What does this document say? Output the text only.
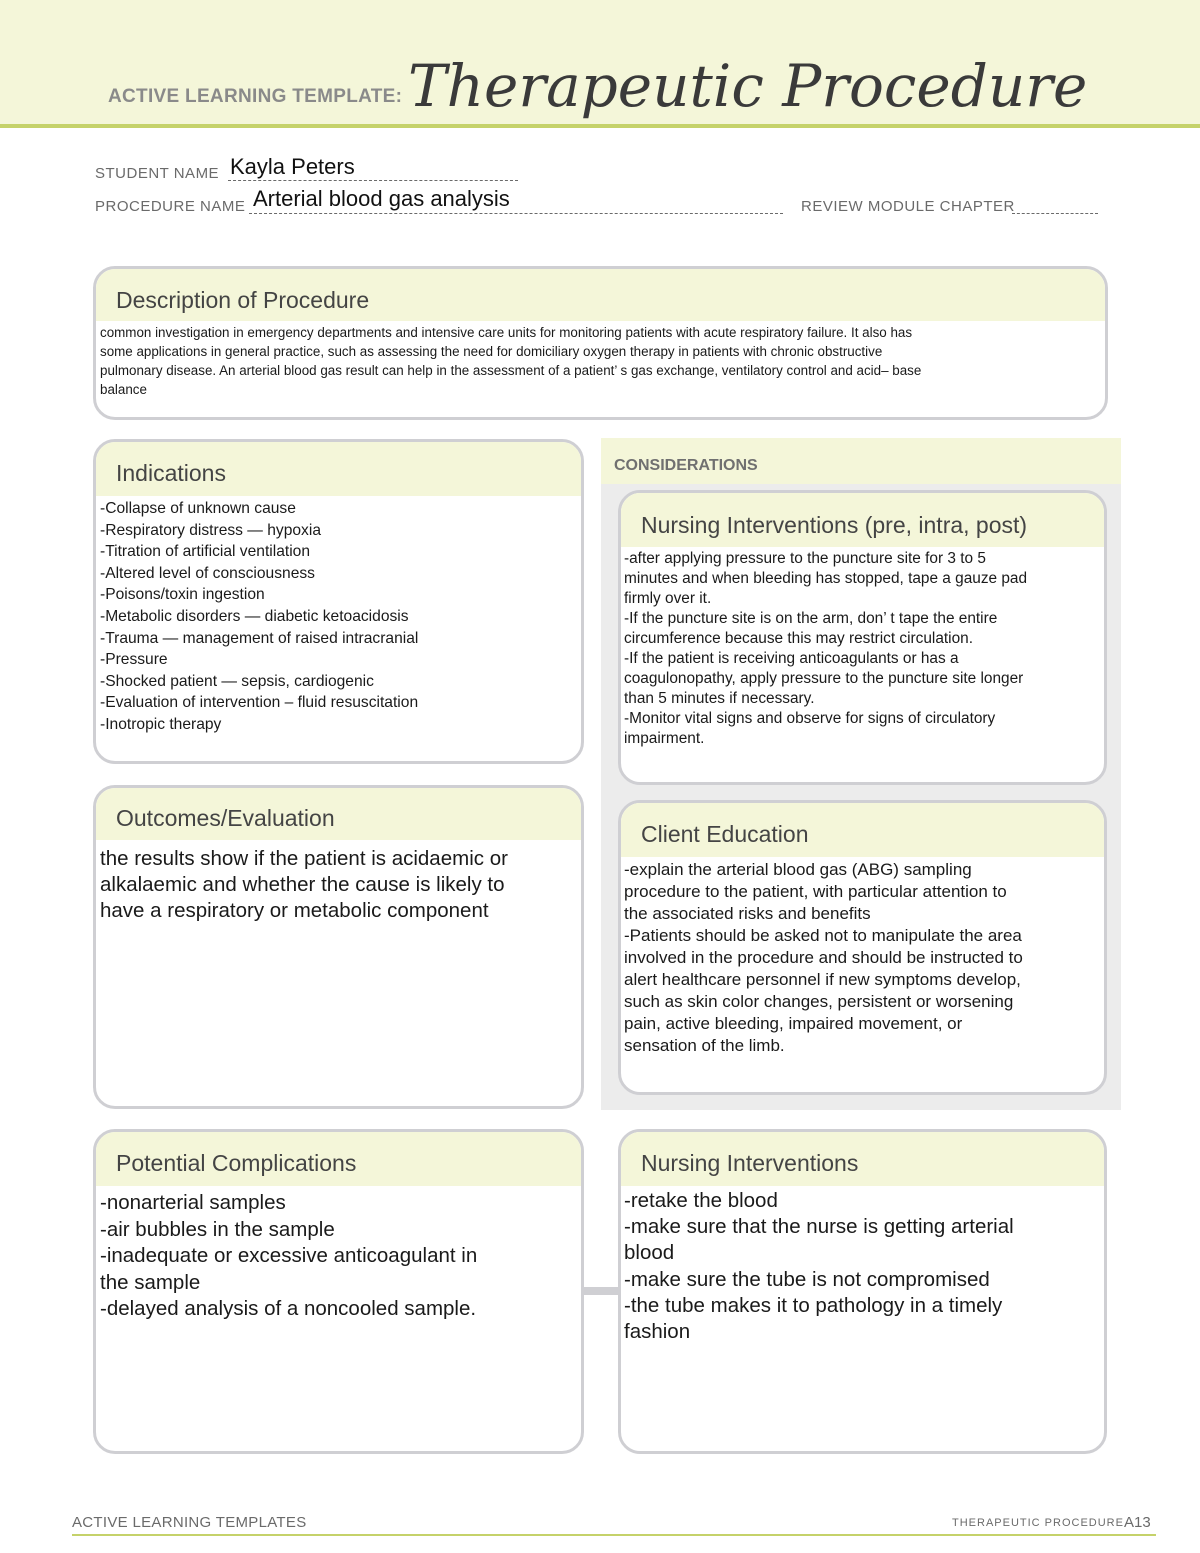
ACTIVE LEARNING TEMPLATE: Therapeutic Procedure
STUDENT NAME Kayla Peters
PROCEDURE NAME Arterial blood gas analysis	REVIEW MODULE CHAPTER
Description of Procedure
common investigation in emergency departments and intensive care units for monitoring patients with acute respiratory failure. It also has
some applications in general practice, such as assessing the need for domiciliary oxygen therapy in patients with chronic obstructive
pulmonary disease. An arterial blood gas result can help in the assessment of a patient’ s gas exchange, ventilatory control and acid– base
balance
Indications
-Collapse of unknown cause
-Respiratory distress — hypoxia
-Titration of artificial ventilation
-Altered level of consciousness
-Poisons/toxin ingestion
-Metabolic disorders — diabetic ketoacidosis
-Trauma — management of raised intracranial
-Pressure
-Shocked patient — sepsis, cardiogenic
-Evaluation of intervention – fluid resuscitation
-Inotropic therapy
CONSIDERATIONS
Nursing Interventions (pre, intra, post)
-after applying pressure to the puncture site for 3 to 5
minutes and when bleeding has stopped, tape a gauze pad
firmly over it.
-If the puncture site is on the arm, don’ t tape the entire
circumference because this may restrict circulation.
-If the patient is receiving anticoagulants or has a
coagulonopathy, apply pressure to the puncture site longer
than 5 minutes if necessary.
-Monitor vital signs and observe for signs of circulatory
impairment.
Client Education
-explain the arterial blood gas (ABG) sampling
procedure to the patient, with particular attention to
the associated risks and benefits
-Patients should be asked not to manipulate the area
involved in the procedure and should be instructed to
alert healthcare personnel if new symptoms develop,
such as skin color changes, persistent or worsening
pain, active bleeding, impaired movement, or
sensation of the limb.
Outcomes/Evaluation
the results show if the patient is acidaemic or
alkalaemic and whether the cause is likely to
have a respiratory or metabolic component
Potential Complications
-nonarterial samples
-air bubbles in the sample
-inadequate or excessive anticoagulant in
the sample
-delayed analysis of a noncooled sample.
Nursing Interventions
-retake the blood
-make sure that the nurse is getting arterial
blood
-make sure the tube is not compromised
-the tube makes it to pathology in a timely
fashion
ACTIVE LEARNING TEMPLATES	THERAPEUTIC PROCEDURE A13
